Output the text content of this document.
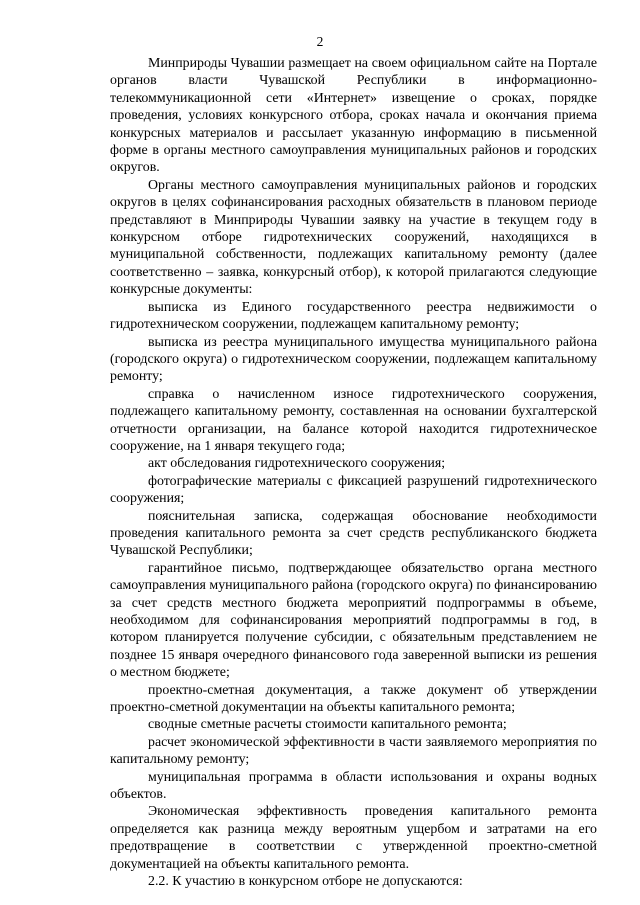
2

Минприроды Чувашии размещает на своем официальном сайте на Портале органов власти Чувашской Республики в информационно-телекоммуникационной сети «Интернет» извещение о сроках, порядке проведения, условиях конкурсного отбора, сроках начала и окончания приема конкурсных материалов и рассылает указанную информацию в письменной форме в органы местного самоуправления муниципальных районов и городских округов.

Органы местного самоуправления муниципальных районов и городских округов в целях софинансирования расходных обязательств в плановом периоде представляют в Минприроды Чувашии заявку на участие в текущем году в конкурсном отборе гидротехнических сооружений, находящихся в муниципальной собственности, подлежащих капитальному ремонту (далее соответственно – заявка, конкурсный отбор), к которой прилагаются следующие конкурсные документы:

выписка из Единого государственного реестра недвижимости о гидротехническом сооружении, подлежащем капитальному ремонту;

выписка из реестра муниципального имущества муниципального района (городского округа) о гидротехническом сооружении, подлежащем капитальному ремонту;

справка о начисленном износе гидротехнического сооружения, подлежащего капитальному ремонту, составленная на основании бухгалтерской отчетности организации, на балансе которой находится гидротехническое сооружение, на 1 января текущего года;

акт обследования гидротехнического сооружения;

фотографические материалы с фиксацией разрушений гидротехнического сооружения;

пояснительная записка, содержащая обоснование необходимости проведения капитального ремонта за счет средств республиканского бюджета Чувашской Республики;

гарантийное письмо, подтверждающее обязательство органа местного самоуправления муниципального района (городского округа) по финансированию за счет средств местного бюджета мероприятий подпрограммы в объеме, необходимом для софинансирования мероприятий подпрограммы в год, в котором планируется получение субсидии, с обязательным представлением не позднее 15 января очередного финансового года заверенной выписки из решения о местном бюджете;

проектно-сметная документация, а также документ об утверждении проектно-сметной документации на объекты капитального ремонта;

сводные сметные расчеты стоимости капитального ремонта;

расчет экономической эффективности в части заявляемого мероприятия по капитальному ремонту;

муниципальная программа в области использования и охраны водных объектов.

Экономическая эффективность проведения капитального ремонта определяется как разница между вероятным ущербом и затратами на его предотвращение в соответствии с утвержденной проектно-сметной документацией на объекты капитального ремонта.

2.2. К участию в конкурсном отборе не допускаются:
